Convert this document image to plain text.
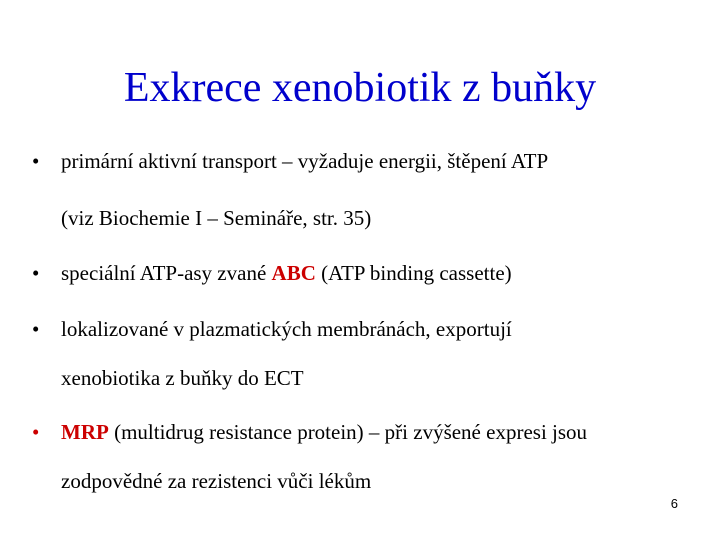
Exkrece xenobiotik z buňky
• primární aktivní transport – vyžaduje energii, štěpení ATP
(viz Biochemie I – Semináře, str. 35)
• speciální ATP-asy zvané ABC (ATP binding cassette)
• lokalizované v plazmatických membránách, exportují
xenobiotika z buňky do ECT
• MRP (multidrug resistance protein) – při zvýšené expresi jsou
zodpovědné za rezistenci vůči lékům
6
